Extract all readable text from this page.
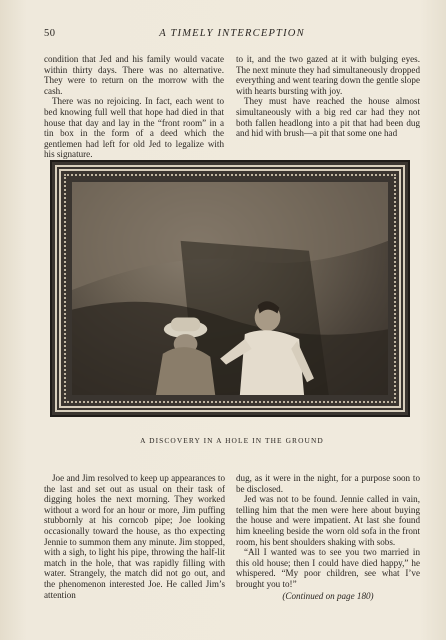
50	A TIMELY INTERCEPTION

condition that Jed and his family would vacate within thirty days. There was no alternative. They were to return on the morrow with the cash.

There was no rejoicing. In fact, each went to bed knowing full well that hope had died in that house that day and lay in the “front room” in a tin box in the form of a deed which the gentlemen had left for old Jed to legalize with his signature.

to it, and the two gazed at it with bulging eyes. The next minute they had simultaneously dropped everything and went tearing down the gentle slope with hearts bursting with joy.

They must have reached the house almost simultaneously with a big red car had they not both fallen headlong into a pit that had been dug and hid with brush—a pit that some one had

A DISCOVERY IN A HOLE IN THE GROUND

Joe and Jim resolved to keep up appearances to the last and set out as usual on their task of digging holes the next morning. They worked without a word for an hour or more, Jim puffing stubbornly at his corncob pipe; Joe looking occasionally toward the house, as tho expecting Jennie to summon them any minute. Jim stopped, with a sigh, to light his pipe, throwing the half-lit match in the hole, that was rapidly filling with water. Strangely, the match did not go out, and the phenomenon interested Joe. He called Jim’s attention

dug, as it were in the night, for a purpose soon to be disclosed.

Jed was not to be found. Jennie called in vain, telling him that the men were here about buying the house and were impatient. At last she found him kneeling beside the worn old sofa in the front room, his bent shoulders shaking with sobs.

“All I wanted was to see you two married in this old house; then I could have died happy,” he whispered. “My poor children, see what I’ve brought you to!”

(Continued on page 180)
